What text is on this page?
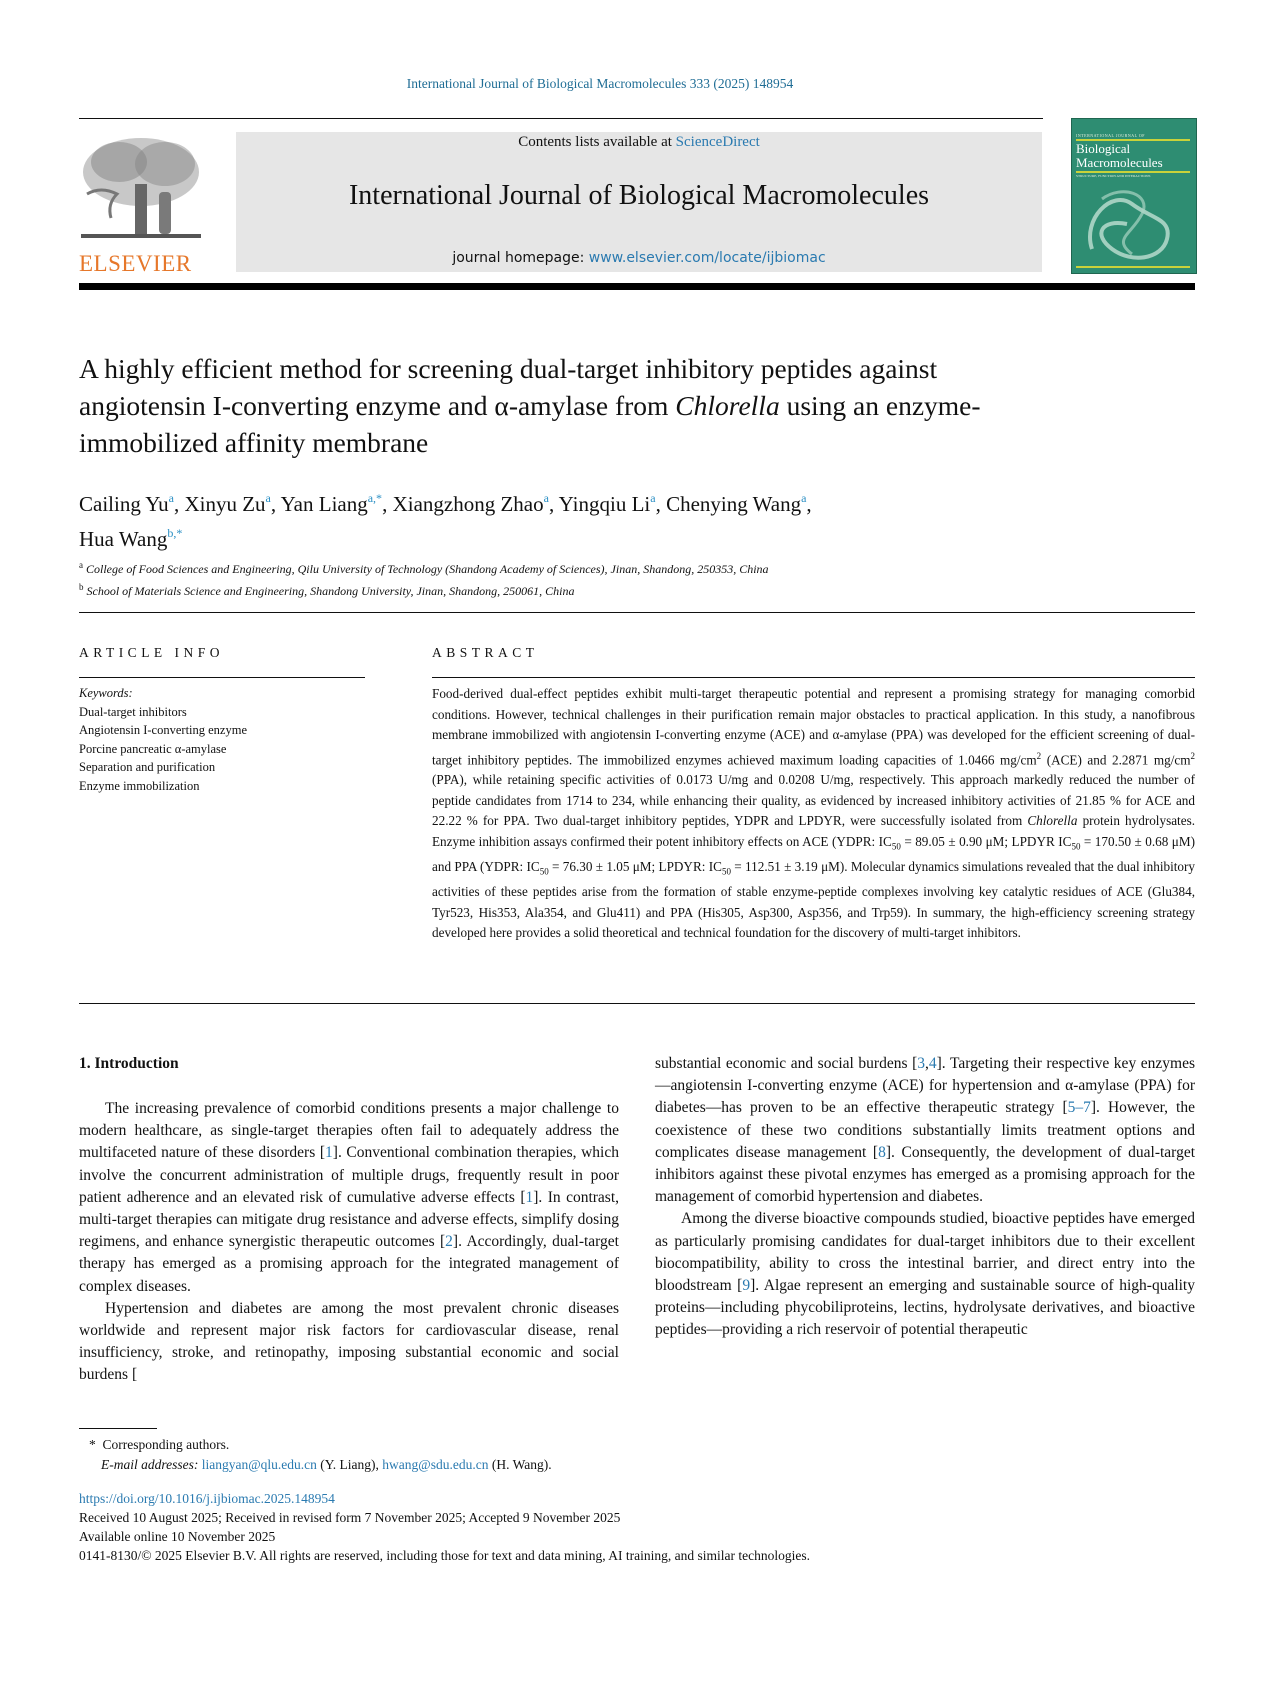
International Journal of Biological Macromolecules 333 (2025) 148954
ELSEVIER
Contents lists available at ScienceDirect
International Journal of Biological Macromolecules
journal homepage: www.elsevier.com/locate/ijbiomac
INTERNATIONAL JOURNAL OF
Biological
Macromolecules
STRUCTURE, FUNCTION AND INTERACTIONS
A highly efficient method for screening dual-target inhibitory peptides against angiotensin I-converting enzyme and α-amylase from Chlorella using an enzyme-immobilized affinity membrane
Cailing Yu$^a$, Xinyu Zu$^a$, Yan Liang$^{a,*}$, Xiangzhong Zhao$^a$, Yingqiu Li$^a$, Chenying Wang$^a$,
Hua Wang$^{b,*}$
$^a$ College of Food Sciences and Engineering, Qilu University of Technology (Shandong Academy of Sciences), Jinan, Shandong, 250353, China
$^b$ School of Materials Science and Engineering, Shandong University, Jinan, Shandong, 250061, China
ARTICLE INFO	ABSTRACT
Keywords:
Dual-target inhibitors
Angiotensin I-converting enzyme
Porcine pancreatic α-amylase
Separation and purification
Enzyme immobilization
Food-derived dual-effect peptides exhibit multi-target therapeutic potential and represent a promising strategy for managing comorbid conditions. However, technical challenges in their purification remain major obstacles to practical application. In this study, a nanofibrous membrane immobilized with angiotensin I-converting enzyme (ACE) and α-amylase (PPA) was developed for the efficient screening of dual-target inhibitory peptides. The immobilized enzymes achieved maximum loading capacities of 1.0466 $mg/cm^2$ (ACE) and 2.2871 $mg/cm^2$ (PPA), while retaining specific activities of 0.0173 U/mg and 0.0208 U/mg, respectively. This approach markedly reduced the number of peptide candidates from 1714 to 234, while enhancing their quality, as evidenced by increased inhibitory activities of 21.85 % for ACE and 22.22 % for PPA. Two dual-target inhibitory peptides, YDPR and LPDYR, were successfully isolated from Chlorella protein hydrolysates. Enzyme inhibition assays confirmed their potent inhibitory effects on ACE (YDPR: $IC_{50} = 89.05 \pm 0.90$ μM; LPDYR $IC_{50} = 170.50 \pm 0.68$ μM) and PPA (YDPR: $IC_{50} = 76.30 \pm 1.05$ μM; LPDYR: $IC_{50} = 112.51 \pm 3.19$ μM). Molecular dynamics simulations revealed that the dual inhibitory activities of these peptides arise from the formation of stable enzyme-peptide complexes involving key catalytic residues of ACE (Glu384, Tyr523, His353, Ala354, and Glu411) and PPA (His305, Asp300, Asp356, and Trp59). In summary, the high-efficiency screening strategy developed here provides a solid theoretical and technical foundation for the discovery of multi-target inhibitors.
1. Introduction

The increasing prevalence of comorbid conditions presents a major challenge to modern healthcare, as single-target therapies often fail to adequately address the multifaceted nature of these disorders [1]. Conventional combination therapies, which involve the concurrent administration of multiple drugs, frequently result in poor patient adherence and an elevated risk of cumulative adverse effects [1]. In contrast, multi-target therapies can mitigate drug resistance and adverse effects, simplify dosing regimens, and enhance synergistic therapeutic outcomes [2]. Accordingly, dual-target therapy has emerged as a promising approach for the integrated management of complex diseases.

Hypertension and diabetes are among the most prevalent chronic diseases worldwide and represent major risk factors for cardiovascular disease, renal insufficiency, stroke, and retinopathy, imposing substantial economic and social burdens [

substantial economic and social burdens [3,4]. Targeting their respective key enzymes—angiotensin I-converting enzyme (ACE) for hypertension and α-amylase (PPA) for diabetes—has proven to be an effective therapeutic strategy [5–7]. However, the coexistence of these two conditions substantially limits treatment options and complicates disease management [8]. Consequently, the development of dual-target inhibitors against these pivotal enzymes has emerged as a promising approach for the management of comorbid hypertension and diabetes.

Among the diverse bioactive compounds studied, bioactive peptides have emerged as particularly promising candidates for dual-target inhibitors due to their excellent biocompatibility, ability to cross the intestinal barrier, and direct entry into the bloodstream [9]. Algae represent an emerging and sustainable source of high-quality proteins—including phycobiliproteins, lectins, hydrolysate derivatives, and bioactive peptides—providing a rich reservoir of potential therapeutic

* Corresponding authors.
E-mail addresses: liangyan@qlu.edu.cn (Y. Liang), hwang@sdu.edu.cn (H. Wang).
https://doi.org/10.1016/j.ijbiomac.2025.148954
Received 10 August 2025; Received in revised form 7 November 2025; Accepted 9 November 2025
Available online 10 November 2025
0141-8130/© 2025 Elsevier B.V. All rights are reserved, including those for text and data mining, AI training, and similar technologies.
